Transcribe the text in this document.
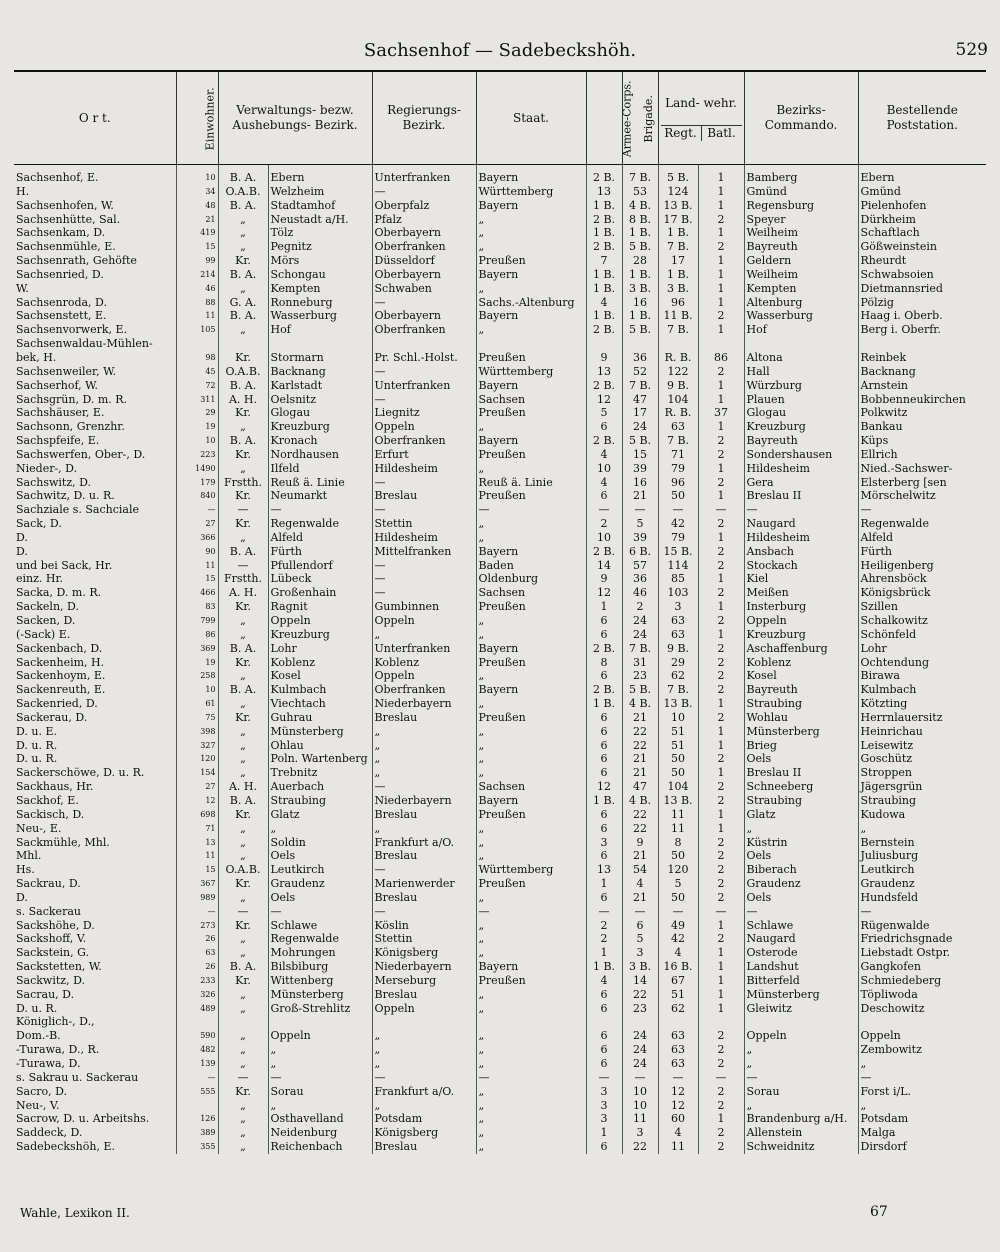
Sachsenhof — Sadebeckshöh.	529
O r t.	Einwohner.	Verwaltungs- bezw. Aushebungs- Bezirk.		Regierungs- Bezirk.	Staat.	Armee-Corps.	Brigade.	Land- wehr.
Regt. Batl.		Bezirks- Commando.	Bestellende Poststation.
Sachsenhof, E.	10	B. A.	Ebern	Unterfranken	Bayern	2 B.	7 B.	5 B.	1	Bamberg	Ebern
H.	34	O.A.B.	Welzheim	—	Württemberg	13	53	124	1	Gmünd	Gmünd
Sachsenhofen, W.	48	B. A.	Stadtamhof	Oberpfalz	Bayern	1 B.	4 B.	13 B.	1	Regensburg	Pielenhofen
Sachsenhütte, Sal.	21	„	Neustadt a/H.	Pfalz	„	2 B.	8 B.	17 B.	2	Speyer	Dürkheim
Sachsenkam, D.	419	„	Tölz	Oberbayern	„	1 B.	1 B.	1 B.	1	Weilheim	Schaftlach
Sachsenmühle, E.	15	„	Pegnitz	Oberfranken	„	2 B.	5 B.	7 B.	2	Bayreuth	Gößweinstein
Sachsenrath, Gehöfte	99	Kr.	Mörs	Düsseldorf	Preußen	7	28	17	1	Geldern	Rheurdt
Sachsenried, D.	214	B. A.	Schongau	Oberbayern	Bayern	1 B.	1 B.	1 B.	1	Weilheim	Schwabsoien
W.	46	„	Kempten	Schwaben	„	1 B.	3 B.	3 B.	1	Kempten	Dietmannsried
Sachsenroda, D.	88	G. A.	Ronneburg	—	Sachs.-Altenburg	4	16	96	1	Altenburg	Pölzig
Sachsenstett, E.	11	B. A.	Wasserburg	Oberbayern	Bayern	1 B.	1 B.	11 B.	2	Wasserburg	Haag i. Oberb.
Sachsenvorwerk, E.	105	„	Hof	Oberfranken	„	2 B.	5 B.	7 B.	1	Hof	Berg i. Oberfr.
Sachsenwaldau-Mühlen-											
bek, H.	98	Kr.	Stormarn	Pr. Schl.-Holst.	Preußen	9	36	R. B.	86	Altona	Reinbek
Sachsenweiler, W.	45	O.A.B.	Backnang	—	Württemberg	13	52	122	2	Hall	Backnang
Sachserhof, W.	72	B. A.	Karlstadt	Unterfranken	Bayern	2 B.	7 B.	9 B.	1	Würzburg	Arnstein
Sachsgrün, D. m. R.	311	A. H.	Oelsnitz	—	Sachsen	12	47	104	1	Plauen	Bobbenneukirchen
Sachshäuser, E.	29	Kr.	Glogau	Liegnitz	Preußen	5	17	R. B.	37	Glogau	Polkwitz
Sachsonn, Grenzhr.	19	„	Kreuzburg	Oppeln	„	6	24	63	1	Kreuzburg	Bankau
Sachspfeife, E.	10	B. A.	Kronach	Oberfranken	Bayern	2 B.	5 B.	7 B.	2	Bayreuth	Küps
Sachswerfen, Ober-, D.	223	Kr.	Nordhausen	Erfurt	Preußen	4	15	71	2	Sondershausen	Ellrich
Nieder-, D.	1490	„	Ilfeld	Hildesheim	„	10	39	79	1	Hildesheim	Nied.-Sachswer-
Sachswitz, D.	179	Frstth.	Reuß ä. Linie	—	Reuß ä. Linie	4	16	96	2	Gera	Elsterberg [sen
Sachwitz, D. u. R.	840	Kr.	Neumarkt	Breslau	Preußen	6	21	50	1	Breslau II	Mörschelwitz
Sachziale s. Sachciale	—	—	—	—	—	—	—	—	—	—	—
Sack, D.	27	Kr.	Regenwalde	Stettin	„	2	5	42	2	Naugard	Regenwalde
D.	366	„	Alfeld	Hildesheim	„	10	39	79	1	Hildesheim	Alfeld
D.	90	B. A.	Fürth	Mittelfranken	Bayern	2 B.	6 B.	15 B.	2	Ansbach	Fürth
und bei Sack, Hr.	11	—	Pfullendorf	—	Baden	14	57	114	2	Stockach	Heiligenberg
einz. Hr.	15	Frstth.	Lübeck	—	Oldenburg	9	36	85	1	Kiel	Ahrensböck
Sacka, D. m. R.	466	A. H.	Großenhain	—	Sachsen	12	46	103	2	Meißen	Königsbrück
Sackeln, D.	83	Kr.	Ragnit	Gumbinnen	Preußen	1	2	3	1	Insterburg	Szillen
Sacken, D.	799	„	Oppeln	Oppeln	„	6	24	63	2	Oppeln	Schalkowitz
(-Sack) E.	86	„	Kreuzburg	„	„	6	24	63	1	Kreuzburg	Schönfeld
Sackenbach, D.	369	B. A.	Lohr	Unterfranken	Bayern	2 B.	7 B.	9 B.	2	Aschaffenburg	Lohr
Sackenheim, H.	19	Kr.	Koblenz	Koblenz	Preußen	8	31	29	2	Koblenz	Ochtendung
Sackenhoym, E.	258	„	Kosel	Oppeln	„	6	23	62	2	Kosel	Birawa
Sackenreuth, E.	10	B. A.	Kulmbach	Oberfranken	Bayern	2 B.	5 B.	7 B.	2	Bayreuth	Kulmbach
Sackenried, D.	61	„	Viechtach	Niederbayern	„	1 B.	4 B.	13 B.	1	Straubing	Kötzting
Sackerau, D.	75	Kr.	Guhrau	Breslau	Preußen	6	21	10	2	Wohlau	Herrnlauersitz
D. u. E.	398	„	Münsterberg	„	„	6	22	51	1	Münsterberg	Heinrichau
D. u. R.	327	„	Ohlau	„	„	6	22	51	1	Brieg	Leisewitz
D. u. R.	120	„	Poln. Wartenberg	„	„	6	21	50	2	Oels	Goschütz
Sackerschöwe, D. u. R.	154	„	Trebnitz	„	„	6	21	50	1	Breslau II	Stroppen
Sackhaus, Hr.	27	A. H.	Auerbach	—	Sachsen	12	47	104	2	Schneeberg	Jägersgrün
Sackhof, E.	12	B. A.	Straubing	Niederbayern	Bayern	1 B.	4 B.	13 B.	2	Straubing	Straubing
Sackisch, D.	698	Kr.	Glatz	Breslau	Preußen	6	22	11	1	Glatz	Kudowa
Neu-, E.	71	„	„	„	„	6	22	11	1	„	„
Sackmühle, Mhl.	13	„	Soldin	Frankfurt a/O.	„	3	9	8	2	Küstrin	Bernstein
Mhl.	11	„	Oels	Breslau	„	6	21	50	2	Oels	Juliusburg
Hs.	15	O.A.B.	Leutkirch	—	Württemberg	13	54	120	2	Biberach	Leutkirch
Sackrau, D.	367	Kr.	Graudenz	Marienwerder	Preußen	1	4	5	2	Graudenz	Graudenz
D.	989	„	Oels	Breslau	„	6	21	50	2	Oels	Hundsfeld
s. Sackerau	—	—	—	—	—	—	—	—	—	—	—
Sackshöhe, D.	273	Kr.	Schlawe	Köslin	„	2	6	49	1	Schlawe	Rügenwalde
Sackshoff, V.	26	„	Regenwalde	Stettin	„	2	5	42	2	Naugard	Friedrichsgnade
Sackstein, G.	63	„	Mohrungen	Königsberg	„	1	3	4	1	Osterode	Liebstadt Ostpr.
Sackstetten, W.	26	B. A.	Bilsbiburg	Niederbayern	Bayern	1 B.	3 B.	16 B.	1	Landshut	Gangkofen
Sackwitz, D.	233	Kr.	Wittenberg	Merseburg	Preußen	4	14	67	1	Bitterfeld	Schmiedeberg
Sacrau, D.	326	„	Münsterberg	Breslau	„	6	22	51	1	Münsterberg	Töpliwoda
D. u. R.	489	„	Groß-Strehlitz	Oppeln	„	6	23	62	1	Gleiwitz	Deschowitz
Königlich-, D.,											
Dom.-B.	590	„	Oppeln	„	„	6	24	63	2	Oppeln	Oppeln
-Turawa, D., R.	482	„	„	„	„	6	24	63	2	„	Zembowitz
-Turawa, D.	139	„	„	„	„	6	24	63	2	„	„
s. Sakrau u. Sackerau	—	—	—	—	—	—	—	—	—	—	—
Sacro, D.	555	Kr.	Sorau	Frankfurt a/O.	„	3	10	12	2	Sorau	Forst i/L.
Neu-, V.		„	„	„	„	3	10	12	2	„	„
Sacrow, D. u. Arbeitshs.	126	„	Osthavelland	Potsdam	„	3	11	60	1	Brandenburg a/H.	Potsdam
Saddeck, D.	389	„	Neidenburg	Königsberg	„	1	3	4	2	Allenstein	Malga
Sadebeckshöh, E.	355	„	Reichenbach	Breslau	„	6	22	11	2	Schweidnitz	Dirsdorf
Wahle, Lexikon II.	67
